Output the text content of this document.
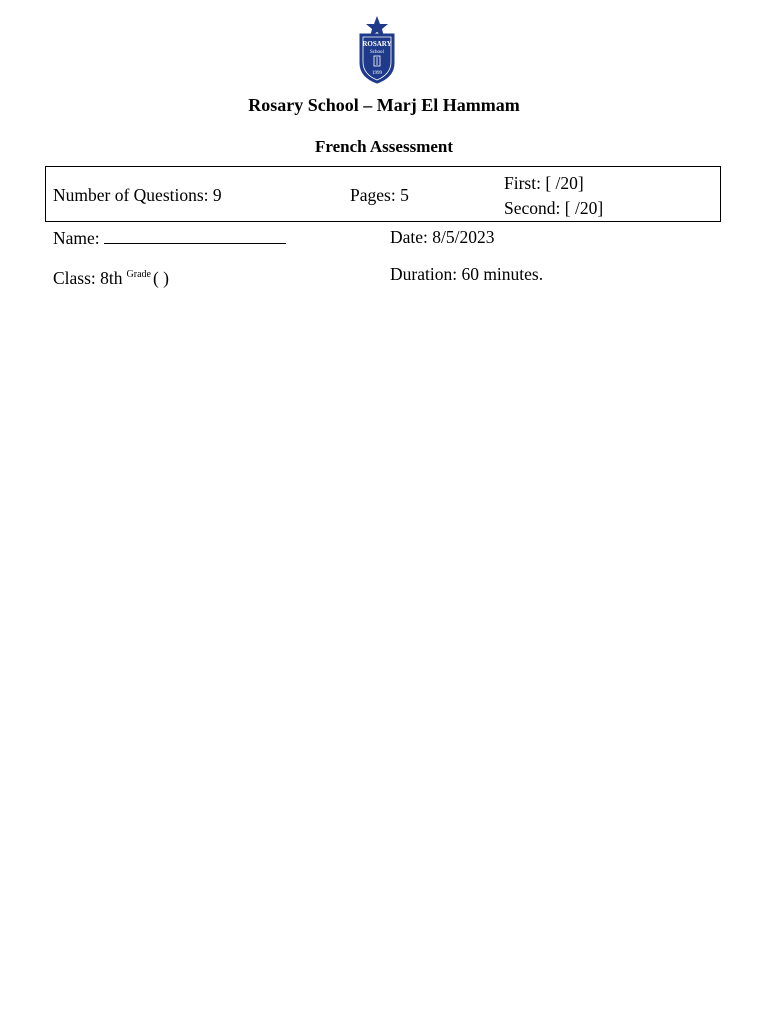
ROSARY
School
1999
Rosary School – Marj El Hammam
French Assessment
Number of Questions: 9	Pages: 5
First: [ /20]
Second: [ /20]
Name:	Date: 8/5/2023
Class: 8th $^{Grade}$ ( )	Duration: 60 minutes.
